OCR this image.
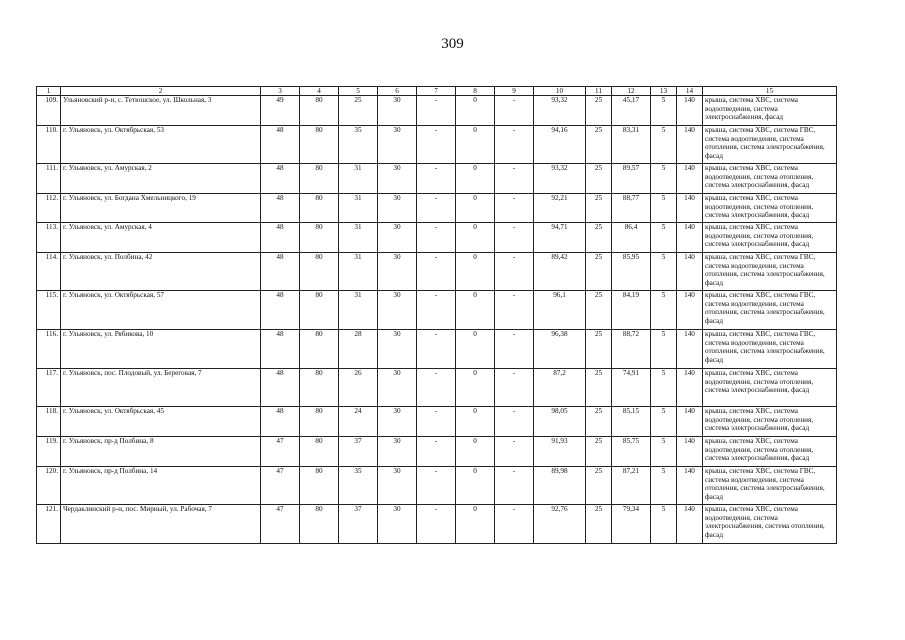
309
1	2	3	4	5	6	7	8	9	10	11	12	13	14	15
109.	Ульяновский р-н, с. Тетюшское, ул. Школьная, 3	49	80	25	30	-	0	-	93,32	25	45,17	5	140	крыша, система ХВС, система водоотведения, система электроснабжения, фасад
110.	г. Ульяновск, ул. Октябрьская, 53	48	80	35	30	-	0	-	94,16	25	83,31	5	140	крыша, система ХВС, система ГВС, система водоотведения, система отопления, система электроснабжения, фасад
111.	г. Ульяновск, ул. Амурская, 2	48	80	31	30	-	0	-	93,32	25	89,57	5	140	крыша, система ХВС, система водоотведения, система отопления, система электроснабжения, фасад
112.	г. Ульяновск, ул. Богдана Хмельницкого, 19	48	80	31	30	-	0	-	92,21	25	88,77	5	140	крыша, система ХВС, система водоотведения, система отопления, система электроснабжения, фасад
113.	г. Ульяновск, ул. Амурская, 4	48	80	31	30	-	0	-	94,71	25	86,4	5	140	крыша, система ХВС, система водоотведения, система отопления, система электроснабжения, фасад
114.	г. Ульяновск, ул. Полбина, 42	48	80	31	30	-	0	-	89,42	25	85,95	5	140	крыша, система ХВС, система ГВС, система водоотведения, система отопления, система электроснабжения, фасад
115.	г. Ульяновск, ул. Октябрьская, 57	48	80	31	30	-	0	-	96,1	25	84,19	5	140	крыша, система ХВС, система ГВС, система водоотведения, система отопления, система электроснабжения, фасад
116.	г. Ульяновск, ул. Рябикова, 10	48	80	28	30	-	0	-	96,38	25	88,72	5	140	крыша, система ХВС, система ГВС, система водоотведения, система отопления, система электроснабжения, фасад
117.	г. Ульяновск, пос. Плодовый, ул. Береговая, 7	48	80	26	30	-	0	-	87,2	25	74,91	5	140	крыша, система ХВС, система водоотведения, система отопления, система электроснабжения, фасад
118.	г. Ульяновск, ул. Октябрьская, 45	48	80	24	30	-	0	-	98,05	25	85,15	5	140	крыша, система ХВС, система водоотведения, система отопления, система электроснабжения, фасад
119.	г. Ульяновск, пр-д Полбина, 8	47	80	37	30	-	0	-	91,93	25	85,75	5	140	крыша, система ХВС, система водоотведения, система отопления, система электроснабжения, фасад
120.	г. Ульяновск, пр-д Полбина, 14	47	80	35	30	-	0	-	89,98	25	87,21	5	140	крыша, система ХВС, система ГВС, система водоотведения, система отопления, система электроснабжения, фасад
121.	Чердаклинский р-н, пос. Мирный, ул. Рабочая, 7	47	80	37	30	-	0	-	92,76	25	79,34	5	140	крыша, система ХВС, система водоотведения, система электроснабжения, система отопления, фасад
